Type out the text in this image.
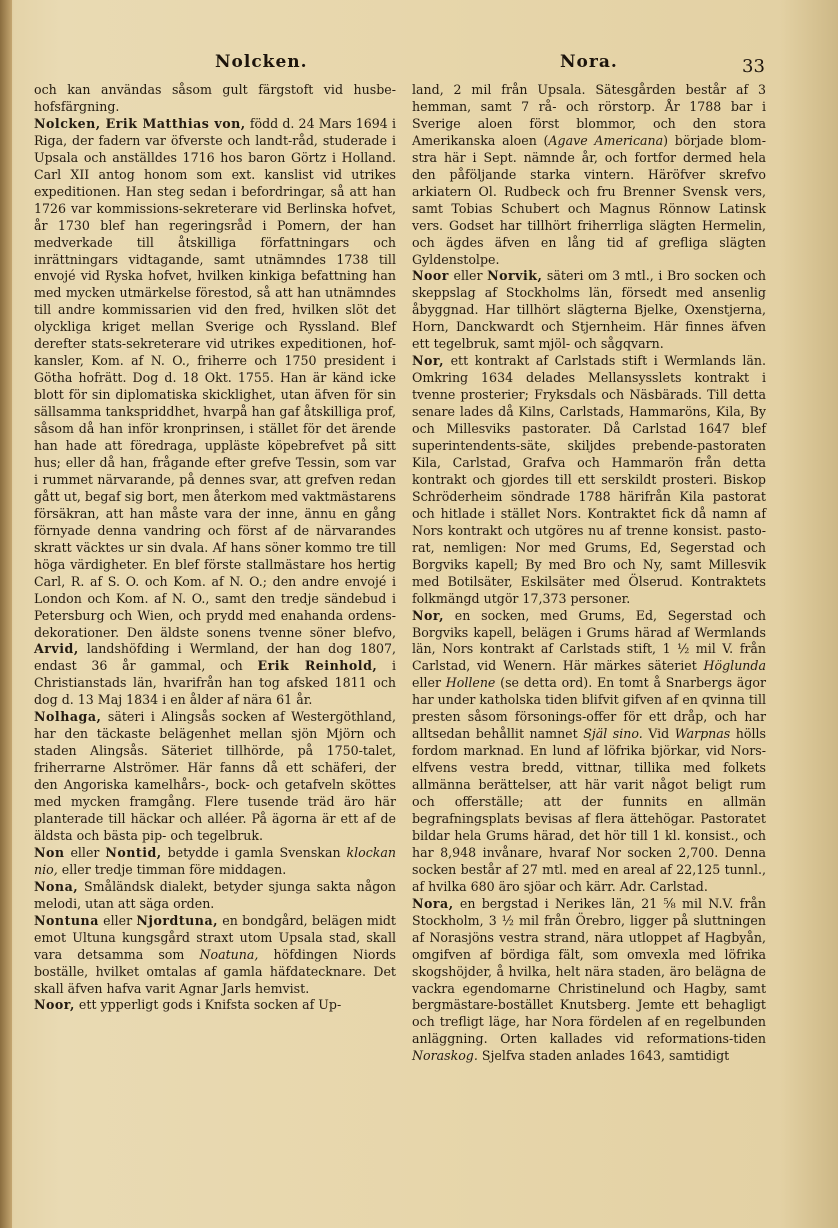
Nolcken.	Nora.	33

och kan användas såsom gult färgstoft vid husbehofsfärgning.

Nolcken, Erik Matthias von, född d. 24 Mars 1694 i Riga, der fadern var öfverste och landt-råd, studerade i Upsala och anställdes 1716 hos baron Görtz i Holland. Carl XII antog honom som ext. kanslist vid utrikes expeditionen. Han steg sedan i befordringar, så att han 1726 var kommissions-sekreterare vid Berlinska hofvet, år 1730 blef han regeringsråd i Pomern, der han medverkade till åtskilliga författningars och inrättningars vidtagande, samt utnämndes 1738 till envojé vid Ryska hofvet, hvilken kinkiga befattning han med mycken utmärkelse förestod, så att han utnämndes till andre kommissarien vid den fred, hvilken slöt det olyckliga kriget mellan Sverige och Ryssland. Blef derefter stats-sekreterare vid utrikes expeditionen, hof-kansler, Kom. af N. O., friherre och 1750 president i Götha hofrätt. Dog d. 18 Okt. 1755. Han är känd icke blott för sin diplomatiska skicklighet, utan äfven för sin sällsamma tankspriddhet, hvarpå han gaf åtskilliga prof, såsom då han inför kronprinsen, i stället för det ärende han hade att föredraga, uppläste köpebrefvet på sitt hus; eller då han, frågande efter grefve Tessin, som var i rummet närvarande, på dennes svar, att grefven redan gått ut, begaf sig bort, men återkom med vaktmästarens försäkran, att han måste vara der inne, ännu en gång förnyade denna vandring och först af de närvarandes skratt väcktes ur sin dvala. Af hans söner kommo tre till höga värdigheter. En blef förste stallmästare hos hertig Carl, R. af S. O. och Kom. af N. O.; den andre envojé i London och Kom. af N. O., samt den tredje sändebud i Petersburg och Wien, och prydd med enahanda ordens-dekorationer. Den äldste sonens tvenne söner blefvo, Arvid, landshöfding i Wermland, der han dog 1807, endast 36 år gammal, och Erik Reinhold, i Christianstads län, hvarifrån han tog afsked 1811 och dog d. 13 Maj 1834 i en ålder af nära 61 år.

Nolhaga, säteri i Alingsås socken af Westergöthland, har den täckaste belägenhet mellan sjön Mjörn och staden Alingsås. Säteriet tillhörde, på 1750-talet, friherrarne Alströmer. Här fanns då ett schäferi, der den Angoriska kamelhårs-, bock- och getafveln sköttes med mycken framgång. Flere tusende träd äro här planterade till häckar och alléer. På ägorna är ett af de äldsta och bästa pip- och tegelbruk.

Non eller Nontid, betydde i gamla Svenskan klockan nio, eller tredje timman före middagen.

Nona, Småländsk dialekt, betyder sjunga sakta någon melodi, utan att säga orden.

Nontuna eller Njordtuna, en bondgård, belägen midt emot Ultuna kungsgård straxt utom Upsala stad, skall vara detsamma som Noatuna, höfdingen Niords boställe, hvilket omtalas af gamla häfdatecknare. Det skall äfven hafva varit Agnar Jarls hemvist.

Noor, ett ypperligt gods i Knifsta socken af Up-

land, 2 mil från Upsala. Sätesgården består af 3 hemman, samt 7 rå- och rörstorp. År 1788 bar i Sverige aloen först blommor, och den stora Amerikanska aloen (Agave Americana) började blomstra här i Sept. nämnde år, och fortfor dermed hela den påföljande starka vintern. Häröfver skrefvo arkiatern Ol. Rudbeck och fru Brenner Svensk vers, samt Tobias Schubert och Magnus Rönnow Latinsk vers. Godset har tillhört friherrliga slägten Hermelin, och ägdes äfven en lång tid af grefliga slägten Gyldenstolpe.

Noor eller Norvik, säteri om 3 mtl., i Bro socken och skeppslag af Stockholms län, försedt med ansenlig åbyggnad. Har tillhört slägterna Bjelke, Oxenstjerna, Horn, Danckwardt och Stjernheim. Här finnes äfven ett tegelbruk, samt mjöl- och sågqvarn.

Nor, ett kontrakt af Carlstads stift i Wermlands län. Omkring 1634 delades Mellansysslets kontrakt i tvenne prosterier; Fryksdals och Näsbärads. Till detta senare lades då Kilns, Carlstads, Hammaröns, Kila, By och Millesviks pastorater. Då Carlstad 1647 blef superintendents-säte, skiljdes prebende-pastoraten Kila, Carlstad, Grafva och Hammarön från detta kontrakt och gjordes till ett serskildt prosteri. Biskop Schröderheim söndrade 1788 härifrån Kila pastorat och hitlade i stället Nors. Kontraktet fick då namn af Nors kontrakt och utgöres nu af trenne konsist. pastorat, nemligen: Nor med Grums, Ed, Segerstad och Borgviks kapell; By med Bro och Ny, samt Millesvik med Botilsäter, Eskilsäter med Ölserud. Kontraktets folkmängd utgör 17,373 personer.

Nor, en socken, med Grums, Ed, Segerstad och Borgviks kapell, belägen i Grums härad af Wermlands län, Nors kontrakt af Carlstads stift, 1 ½ mil V. från Carlstad, vid Wenern. Här märkes säteriet Höglunda eller Hollene (se detta ord). En tomt å Snarbergs ägor har under katholska tiden blifvit gifven af en qvinna till presten såsom försonings-offer för ett dråp, och har alltsedan behållit namnet Själ sino. Vid Warpnas hölls fordom marknad. En lund af löfrika björkar, vid Nors-elfvens vestra bredd, vittnar, tillika med folkets allmänna berättelser, att här varit något beligt rum och offerställe; att der funnits en allmän begrafningsplats bevisas af flera ättehögar. Pastoratet bildar hela Grums härad, det hör till 1 kl. konsist., och har 8,948 invånare, hvaraf Nor socken 2,700. Denna socken består af 27 mtl. med en areal af 22,125 tunnl., af hvilka 680 äro sjöar och kärr. Adr. Carlstad.

Nora, en bergstad i Nerikes län, 21 ⅝ mil N.V. från Stockholm, 3 ½ mil från Örebro, ligger på sluttningen af Norasjöns vestra strand, nära utloppet af Hagbyån, omgifven af bördiga fält, som omvexla med löfrika skogshöjder, å hvilka, helt nära staden, äro belägna de vackra egendomarne Christinelund och Hagby, samt bergmästare-bostället Knutsberg. Jemte ett behagligt och trefligt läge, har Nora fördelen af en regelbunden anläggning. Orten kallades vid reformations-tiden Noraskog. Sjelfva staden anlades 1643, samtidigt
